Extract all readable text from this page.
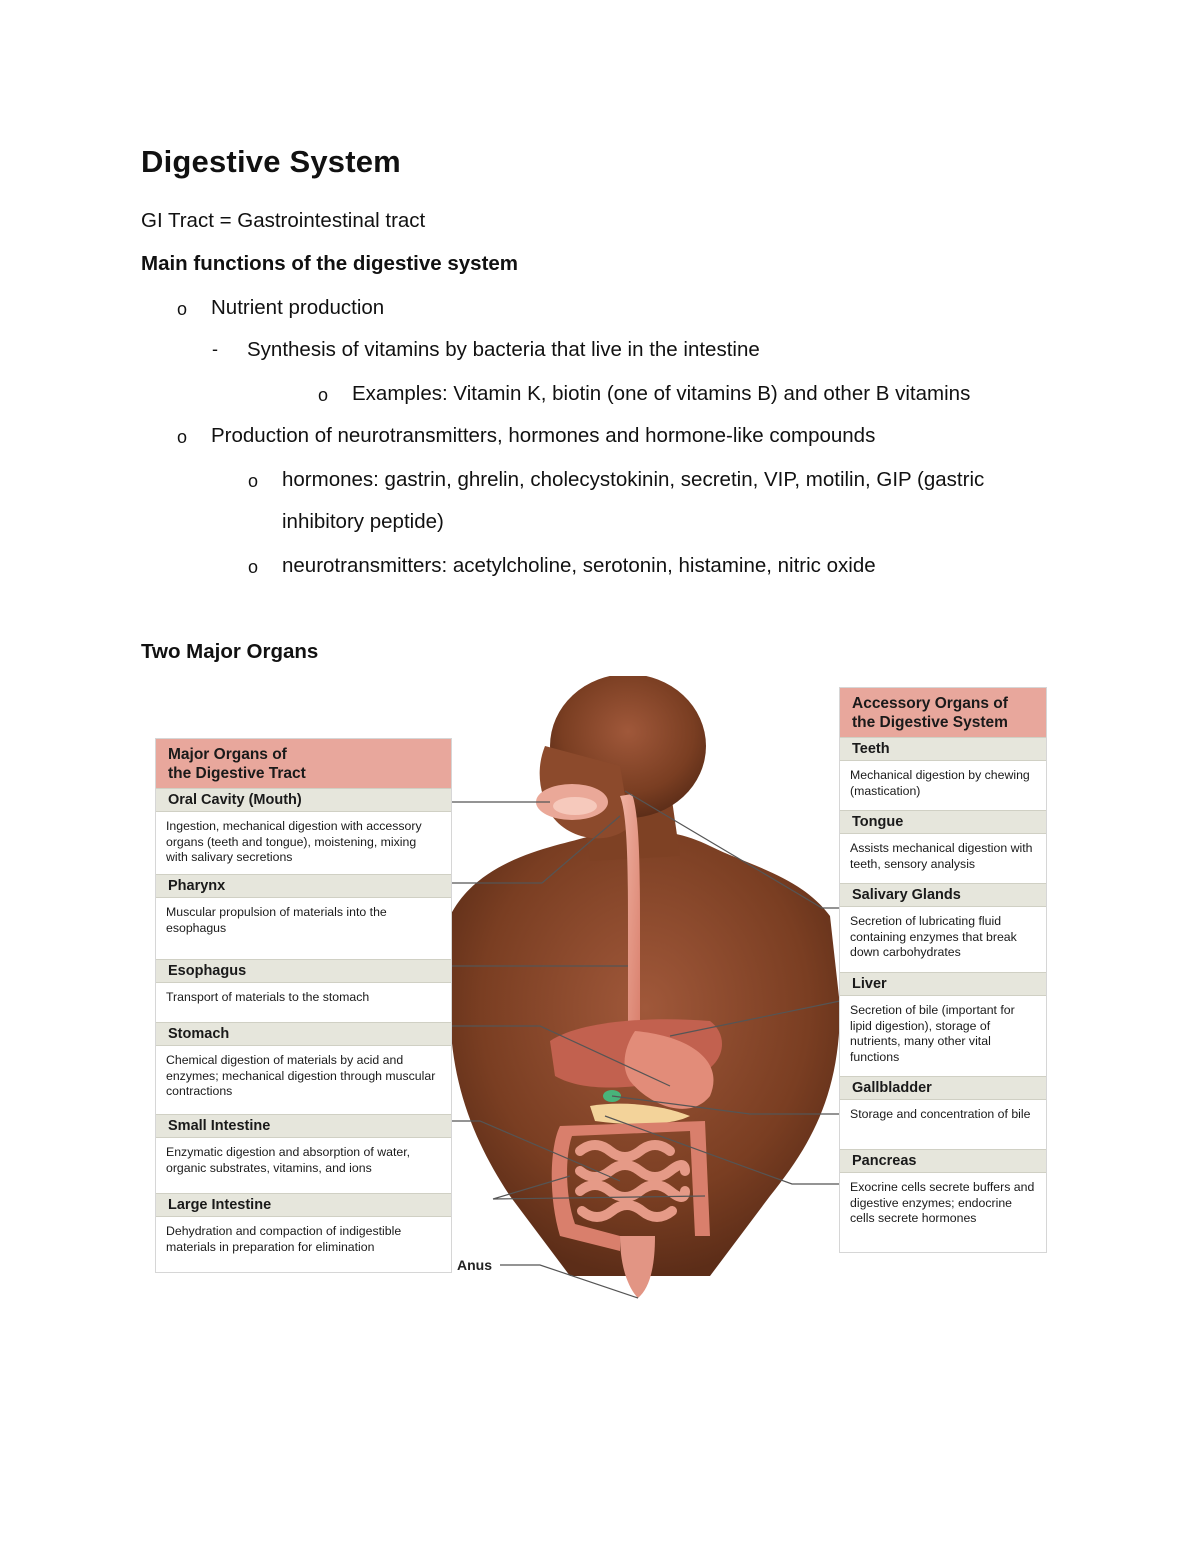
Digestive System
GI Tract = Gastrointestinal tract
Main functions of the digestive system
o Nutrient production
- Synthesis of vitamins by bacteria that live in the intestine
o Examples: Vitamin K, biotin (one of vitamins B) and other B vitamins
o Production of neurotransmitters, hormones and hormone-like compounds
o hormones: gastrin, ghrelin, cholecystokinin, secretin, VIP, motilin, GIP (gastric
inhibitory peptide)
o neurotransmitters: acetylcholine, serotonin, histamine, nitric oxide
Two Major Organs
Major Organs of
the Digestive Tract
Oral Cavity (Mouth)
Ingestion, mechanical digestion with accessory organs (teeth and tongue), moistening, mixing with salivary secretions
Pharynx
Muscular propulsion of materials into the esophagus
Esophagus
Transport of materials to the stomach
Stomach
Chemical digestion of materials by acid and enzymes; mechanical digestion through muscular contractions
Small Intestine
Enzymatic digestion and absorption of water, organic substrates, vitamins, and ions
Large Intestine
Dehydration and compaction of indigestible materials in preparation for elimination
Accessory Organs of
the Digestive System
Teeth
Mechanical digestion by chewing (mastication)
Tongue
Assists mechanical digestion with teeth, sensory analysis
Salivary Glands
Secretion of lubricating fluid containing enzymes that break down carbohydrates
Liver
Secretion of bile (important for lipid digestion), storage of nutrients, many other vital functions
Gallbladder
Storage and concentration of bile
Pancreas
Exocrine cells secrete buffers and digestive enzymes; endocrine cells secrete hormones
Anus
